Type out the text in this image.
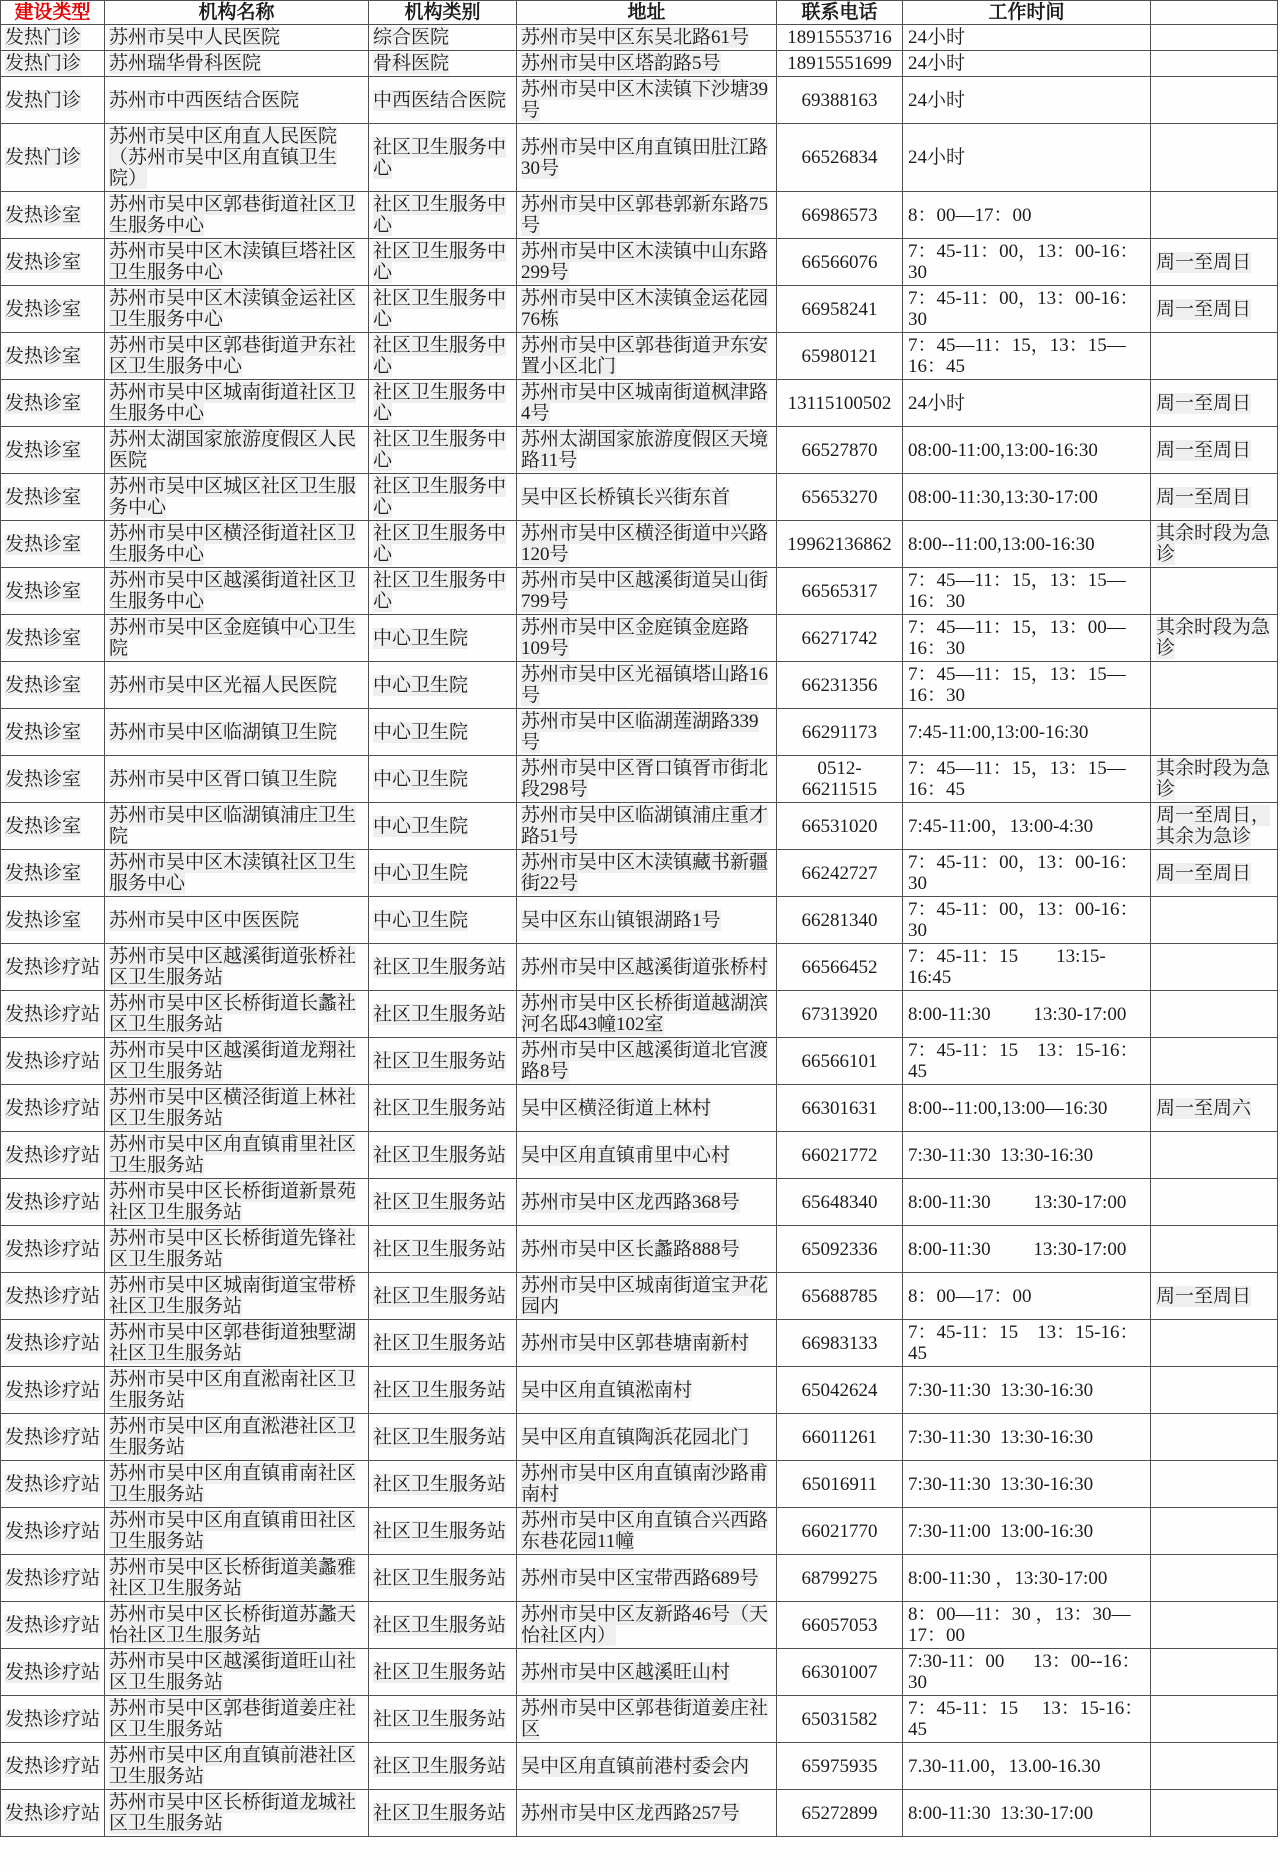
建设类型	机构名称	机构类别	地址	联系电话	工作时间	
发热门诊	苏州市吴中人民医院	综合医院	苏州市吴中区东吴北路61号	18915553716	24小时	
发热门诊	苏州瑞华骨科医院	骨科医院	苏州市吴中区塔韵路5号	18915551699	24小时	
发热门诊	苏州市中西医结合医院	中西医结合医院	苏州市吴中区木渎镇下沙塘39号	69388163	24小时	
发热门诊	苏州市吴中区甪直人民医院（苏州市吴中区甪直镇卫生院）	社区卫生服务中心	苏州市吴中区甪直镇田肚江路30号	66526834	24小时	
发热诊室	苏州市吴中区郭巷街道社区卫生服务中心	社区卫生服务中心	苏州市吴中区郭巷郭新东路75号	66986573	8：00—17：00	
发热诊室	苏州市吴中区木渎镇巨塔社区卫生服务中心	社区卫生服务中心	苏州市吴中区木渎镇中山东路299号	66566076	7：45-11：00，13：00-16：30	周一至周日
发热诊室	苏州市吴中区木渎镇金运社区卫生服务中心	社区卫生服务中心	苏州市吴中区木渎镇金运花园76栋	66958241	7：45-11：00，13：00-16：30	周一至周日
发热诊室	苏州市吴中区郭巷街道尹东社区卫生服务中心	社区卫生服务中心	苏州市吴中区郭巷街道尹东安置小区北门	65980121	7：45—11：15，13：15—16：45	
发热诊室	苏州市吴中区城南街道社区卫生服务中心	社区卫生服务中心	苏州市吴中区城南街道枫津路4号	13115100502	24小时	周一至周日
发热诊室	苏州太湖国家旅游度假区人民医院	社区卫生服务中心	苏州太湖国家旅游度假区天境路11号	66527870	08:00-11:00,13:00-16:30	周一至周日
发热诊室	苏州市吴中区城区社区卫生服务中心	社区卫生服务中心	吴中区长桥镇长兴街东首	65653270	08:00-11:30,13:30-17:00	周一至周日
发热诊室	苏州市吴中区横泾街道社区卫生服务中心	社区卫生服务中心	苏州市吴中区横泾街道中兴路120号	19962136862	8:00--11:00,13:00-16:30	其余时段为急诊
发热诊室	苏州市吴中区越溪街道社区卫生服务中心	社区卫生服务中心	苏州市吴中区越溪街道吴山街799号	66565317	7：45—11：15，13：15—16：30	
发热诊室	苏州市吴中区金庭镇中心卫生院	中心卫生院	苏州市吴中区金庭镇金庭路109号	66271742	7：45—11：15，13：00—16：30	其余时段为急诊
发热诊室	苏州市吴中区光福人民医院	中心卫生院	苏州市吴中区光福镇塔山路16号	66231356	7：45—11：15，13：15—16：30	
发热诊室	苏州市吴中区临湖镇卫生院	中心卫生院	苏州市吴中区临湖莲湖路339号	66291173	7:45-11:00,13:00-16:30	
发热诊室	苏州市吴中区胥口镇卫生院	中心卫生院	苏州市吴中区胥口镇胥市街北段298号	0512-66211515	7：45—11：15，13：15—16：45	其余时段为急诊
发热诊室	苏州市吴中区临湖镇浦庄卫生院	中心卫生院	苏州市吴中区临湖镇浦庄重才路51号	66531020	7:45-11:00，13:00-4:30	周一至周日，其余为急诊
发热诊室	苏州市吴中区木渎镇社区卫生服务中心	中心卫生院	苏州市吴中区木渎镇藏书新疆街22号	66242727	7：45-11：00，13：00-16：30	周一至周日
发热诊室	苏州市吴中区中医医院	中心卫生院	吴中区东山镇银湖路1号	66281340	7：45-11：00，13：00-16：30	
发热诊疗站	苏州市吴中区越溪街道张桥社区卫生服务站	社区卫生服务站	苏州市吴中区越溪街道张桥村	66566452	7：45-11：15        13:15-16:45	
发热诊疗站	苏州市吴中区长桥街道长蠡社区卫生服务站	社区卫生服务站	苏州市吴中区长桥街道越湖滨河名邸43幢102室	67313920	8:00-11:30         13:30-17:00	
发热诊疗站	苏州市吴中区越溪街道龙翔社区卫生服务站	社区卫生服务站	苏州市吴中区越溪街道北官渡路8号	66566101	7：45-11：15    13：15-16：45	
发热诊疗站	苏州市吴中区横泾街道上林社区卫生服务站	社区卫生服务站	吴中区横泾街道上林村	66301631	8:00--11:00,13:00—16:30	周一至周六
发热诊疗站	苏州市吴中区甪直镇甫里社区卫生服务站	社区卫生服务站	吴中区甪直镇甫里中心村	66021772	7:30-11:30  13:30-16:30	
发热诊疗站	苏州市吴中区长桥街道新景苑社区卫生服务站	社区卫生服务站	苏州市吴中区龙西路368号	65648340	8:00-11:30         13:30-17:00	
发热诊疗站	苏州市吴中区长桥街道先锋社区卫生服务站	社区卫生服务站	苏州市吴中区长蠡路888号	65092336	8:00-11:30         13:30-17:00	
发热诊疗站	苏州市吴中区城南街道宝带桥社区卫生服务站	社区卫生服务站	苏州市吴中区城南街道宝尹花园内	65688785	8：00—17：00	周一至周日
发热诊疗站	苏州市吴中区郭巷街道独墅湖社区卫生服务站	社区卫生服务站	苏州市吴中区郭巷塘南新村	66983133	7：45-11：15    13：15-16：45	
发热诊疗站	苏州市吴中区甪直淞南社区卫生服务站	社区卫生服务站	吴中区甪直镇淞南村	65042624	7:30-11:30  13:30-16:30	
发热诊疗站	苏州市吴中区甪直淞港社区卫生服务站	社区卫生服务站	吴中区甪直镇陶浜花园北门	66011261	7:30-11:30  13:30-16:30	
发热诊疗站	苏州市吴中区甪直镇甫南社区卫生服务站	社区卫生服务站	苏州市吴中区甪直镇南沙路甫南村	65016911	7:30-11:30  13:30-16:30	
发热诊疗站	苏州市吴中区甪直镇甫田社区卫生服务站	社区卫生服务站	苏州市吴中区甪直镇合兴西路东巷花园11幢	66021770	7:30-11:00  13:00-16:30	
发热诊疗站	苏州市吴中区长桥街道美蠡雅社区卫生服务站	社区卫生服务站	苏州市吴中区宝带西路689号	68799275	8:00-11:30 ，13:30-17:00	
发热诊疗站	苏州市吴中区长桥街道苏蠡天怡社区卫生服务站	社区卫生服务站	苏州市吴中区友新路46号（天怡社区内）	66057053	8：00—11：30 ，13：30—17：00	
发热诊疗站	苏州市吴中区越溪街道旺山社区卫生服务站	社区卫生服务站	苏州市吴中区越溪旺山村	66301007	7:30-11：00      13：00--16：30	
发热诊疗站	苏州市吴中区郭巷街道姜庄社区卫生服务站	社区卫生服务站	苏州市吴中区郭巷街道姜庄社区	65031582	7：45-11：15     13：15-16：45	
发热诊疗站	苏州市吴中区甪直镇前港社区卫生服务站	社区卫生服务站	吴中区甪直镇前港村委会内	65975935	7.30-11.00，13.00-16.30	
发热诊疗站	苏州市吴中区长桥街道龙城社区卫生服务站	社区卫生服务站	苏州市吴中区龙西路257号	65272899	8:00-11:30  13:30-17:00	
